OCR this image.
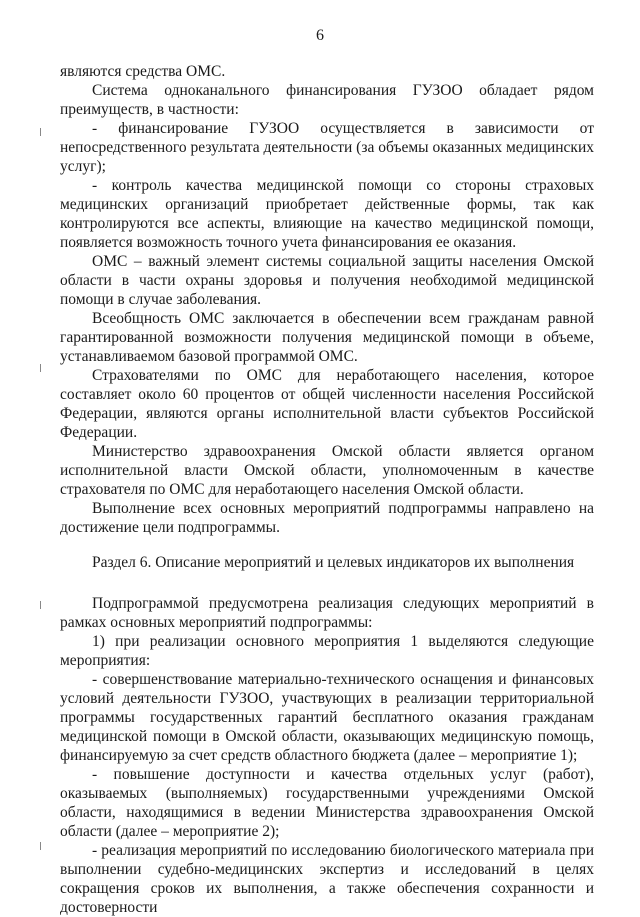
6

являются средства ОМС.

Система одноканального финансирования ГУЗОО обладает рядом преимуществ, в частности:

- финансирование ГУЗОО осуществляется в зависимости от непосредственного результата деятельности (за объемы оказанных медицинских услуг);

- контроль качества медицинской помощи со стороны страховых медицинских организаций приобретает действенные формы, так как контролируются все аспекты, влияющие на качество медицинской помощи, появляется возможность точного учета финансирования ее оказания.

ОМС – важный элемент системы социальной защиты населения Омской области в части охраны здоровья и получения необходимой медицинской помощи в случае заболевания.

Всеобщность ОМС заключается в обеспечении всем гражданам равной гарантированной возможности получения медицинской помощи в объеме, устанавливаемом базовой программой ОМС.

Страхователями по ОМС для неработающего населения, которое составляет около 60 процентов от общей численности населения Российской Федерации, являются органы исполнительной власти субъектов Российской Федерации.

Министерство здравоохранения Омской области является органом исполнительной власти Омской области, уполномоченным в качестве страхователя по ОМС для неработающего населения Омской области.

Выполнение всех основных мероприятий подпрограммы направлено на достижение цели подпрограммы.

Раздел 6. Описание мероприятий и целевых индикаторов их выполнения

Подпрограммой предусмотрена реализация следующих мероприятий в рамках основных мероприятий подпрограммы:

1) при реализации основного мероприятия 1 выделяются следующие мероприятия:

- совершенствование материально-технического оснащения и финансовых условий деятельности ГУЗОО, участвующих в реализации территориальной программы государственных гарантий бесплатного оказания гражданам медицинской помощи в Омской области, оказывающих медицинскую помощь, финансируемую за счет средств областного бюджета (далее – мероприятие 1);

- повышение доступности и качества отдельных услуг (работ), оказываемых (выполняемых) государственными учреждениями Омской области, находящимися в ведении Министерства здравоохранения Омской области (далее – мероприятие 2);

- реализация мероприятий по исследованию биологического материала при выполнении судебно-медицинских экспертиз и исследований в целях сокращения сроков их выполнения, а также обеспечения сохранности и достоверности
